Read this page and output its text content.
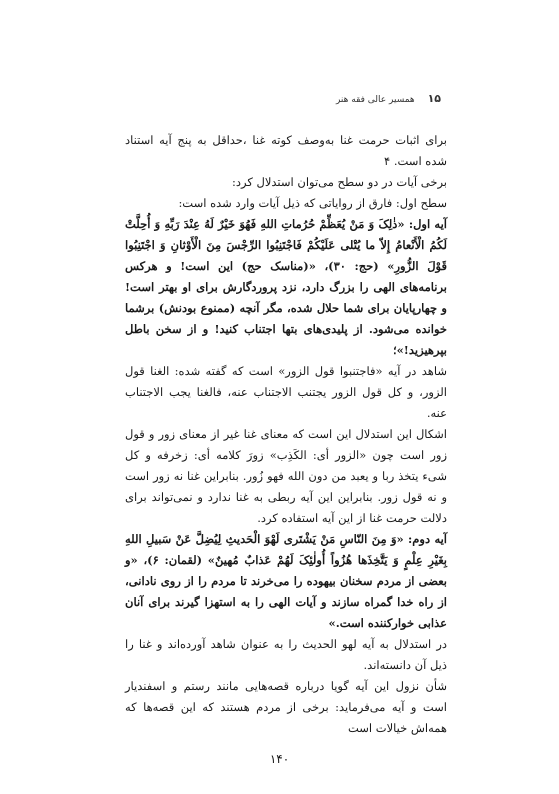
۱۵ همسیر عالی فقه هنر

برای اثبات حرمت غنا به‌وصف کوته غنا ،حداقل به پنج آیه استناد شده است. ۴

برخی آیات در دو سطح می‌توان استدلال کرد:

سطح اول: فارق از روایاتی که ذیل آیات وارد شده است:

آیه اول: «ذٰلِکَ وَ مَنْ یُعَظِّمْ حُرُماتِ اللهِ فَهُوَ خَیْرٌ لَهُ عِنْدَ رَبِّهِ وَ أُحِلَّتْ لَکُمُ الْأَنْعامُ إِلاّ ما یُتْلی عَلَیْکُمْ فَاجْتَنِبُوا الرِّجْسَ مِنَ الْأَوْثانِ وَ اجْتَنِبُوا قَوْلَ الزُّورِ» (حج: ۳۰)، «(مناسک حج) این است! و هرکس برنامه‌های الهی را بزرگ دارد، نزد پروردگارش برای او بهتر است! و چهارپایان برای شما حلال شده، مگر آنچه (ممنوع بودنش) برشما خوانده می‌شود. از پلیدی‌های بتها اجتناب کنید! و از سخن باطل بپرهیزید!»؛

شاهد در آیه «فاجتنبوا قول الزور» است که گفته شده: الغنا قول الزور، و کل قول الزور یجتنب الاجتناب عنه، فالغنا یجب الاجتناب عنه.

اشکال این استدلال این است که معنای غنا غیر از معنای زور و قول زور است چون «الزور أی: الکَذِب» زورَ کلامه أی: زخرفه و کل شیء یتخذ ربا و یعبد من دون الله فهو زُور. بنابراین غنا نه زور است و نه قول زور. بنابراین این آیه ربطی به غنا ندارد و نمی‌تواند برای دلالت حرمت غنا از این آیه استفاده کرد.

آیه دوم: «وَ مِنَ النّاسِ مَنْ یَشْتَری لَهْوَ الْحَدیثِ لِیُضِلَّ عَنْ سَبیلِ اللهِ بِغَیْرِ عِلْمٍ وَ یَتَّخِذَها هُزُواً أُولٰئِکَ لَهُمْ عَذابٌ مُهینٌ» (لقمان: ۶)، «و بعضی از مردم سخنان بیهوده را می‌خرند تا مردم را از روی نادانی، از راه خدا گمراه سازند و آیات الهی را به استهزا گیرند برای آنان عذابی خوارکننده است.»

در استدلال به آیه لهو الحدیث را به عنوان شاهد آورده‌اند و غنا را ذیل آن دانسته‌اند.

شأن نزول این آیه گویا درباره قصه‌هایی مانند رستم و اسفندیار است و آیه می‌فرماید: برخی از مردم هستند که این قصه‌ها که همه‌اش خیالات است

۱۴۰
